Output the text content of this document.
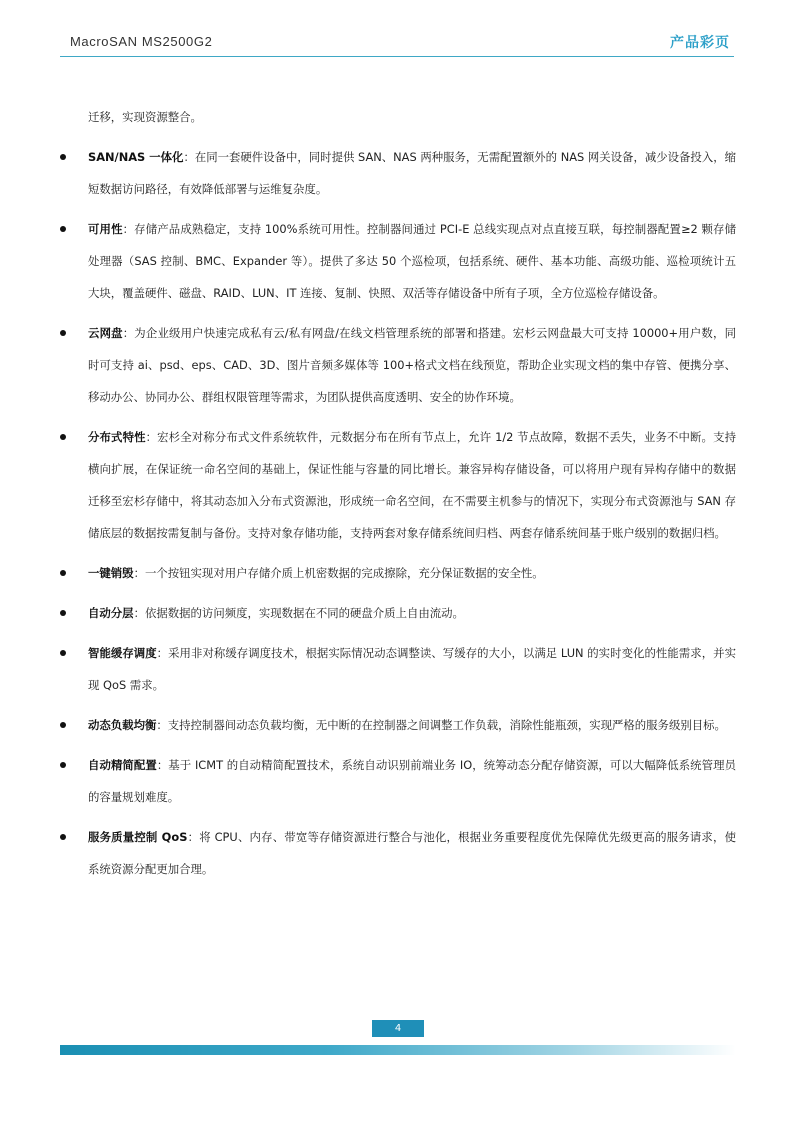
MacroSAN MS2500G2	产品彩页

迁移，实现资源整合。

SAN/NAS 一体化：在同一套硬件设备中，同时提供 SAN、NAS 两种服务，无需配置额外的 NAS 网关设备，减少设备投入，缩短数据访问路径，有效降低部署与运维复杂度。
可用性：存储产品成熟稳定，支持 100%系统可用性。控制器间通过 PCI-E 总线实现点对点直接互联，每控制器配置≥2 颗存储处理器（SAS 控制、BMC、Expander 等）。提供了多达 50 个巡检项，包括系统、硬件、基本功能、高级功能、巡检项统计五大块，覆盖硬件、磁盘、RAID、LUN、IT 连接、复制、快照、双活等存储设备中所有子项，全方位巡检存储设备。
云网盘：为企业级用户快速完成私有云/私有网盘/在线文档管理系统的部署和搭建。宏杉云网盘最大可支持 10000+用户数，同时可支持 ai、psd、eps、CAD、3D、图片音频多媒体等 100+格式文档在线预览，帮助企业实现文档的集中存管、便携分享、移动办公、协同办公、群组权限管理等需求，为团队提供高度透明、安全的协作环境。
分布式特性：宏杉全对称分布式文件系统软件，元数据分布在所有节点上，允许 1/2 节点故障，数据不丢失，业务不中断。支持横向扩展，在保证统一命名空间的基础上，保证性能与容量的同比增长。兼容异构存储设备，可以将用户现有异构存储中的数据迁移至宏杉存储中，将其动态加入分布式资源池，形成统一命名空间，在不需要主机参与的情况下，实现分布式资源池与 SAN 存储底层的数据按需复制与备份。支持对象存储功能，支持两套对象存储系统间归档、两套存储系统间基于账户级别的数据归档。
一键销毁：一个按钮实现对用户存储介质上机密数据的完成擦除，充分保证数据的安全性。
自动分层：依据数据的访问频度，实现数据在不同的硬盘介质上自由流动。
智能缓存调度：采用非对称缓存调度技术，根据实际情况动态调整读、写缓存的大小，以满足 LUN 的实时变化的性能需求，并实现 QoS 需求。
动态负载均衡：支持控制器间动态负载均衡，无中断的在控制器之间调整工作负载，消除性能瓶颈，实现严格的服务级别目标。
自动精简配置：基于 ICMT 的自动精简配置技术，系统自动识别前端业务 IO，统筹动态分配存储资源，可以大幅降低系统管理员的容量规划难度。
服务质量控制 QoS：将 CPU、内存、带宽等存储资源进行整合与池化，根据业务重要程度优先保障优先级更高的服务请求，使系统资源分配更加合理。
4
